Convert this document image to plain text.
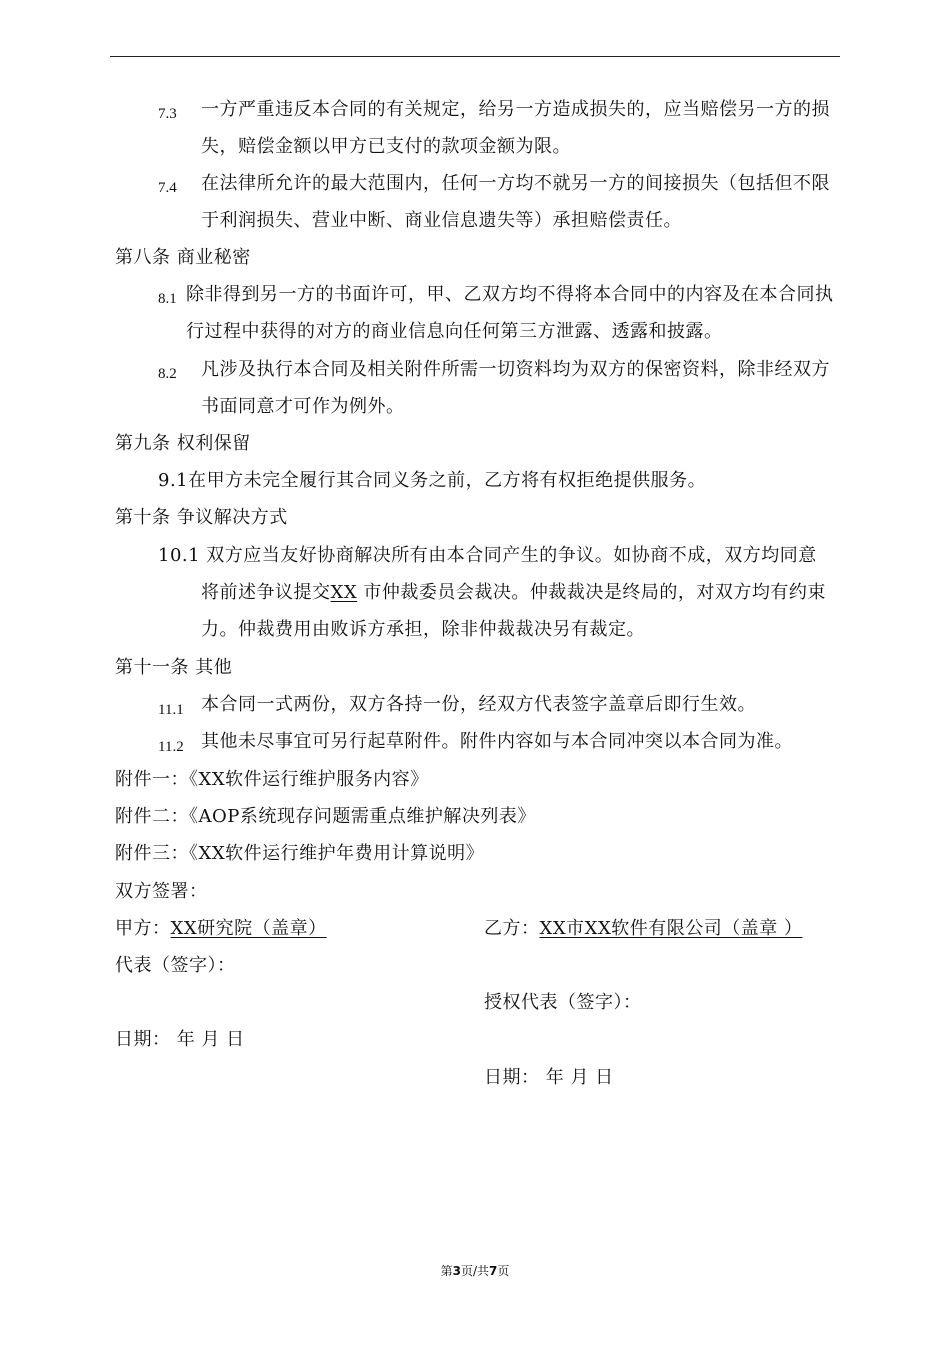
7.3 一方严重违反本合同的有关规定，给另一方造成损失的，应当赔偿另一方的损
失，赔偿金额以甲方已支付的款项金额为限。
7.4 在法律所允许的最大范围内，任何一方均不就另一方的间接损失（包括但不限
于利润损失、营业中断、商业信息遗失等）承担赔偿责任。
第八条 商业秘密
8.1 除非得到另一方的书面许可，甲、乙双方均不得将本合同中的内容及在本合同执
行过程中获得的对方的商业信息向任何第三方泄露、透露和披露。
8.2 凡涉及执行本合同及相关附件所需一切资料均为双方的保密资料，除非经双方
书面同意才可作为例外。
第九条 权利保留
9.1在甲方未完全履行其合同义务之前，乙方将有权拒绝提供服务。
第十条 争议解决方式
10.1 双方应当友好协商解决所有由本合同产生的争议。如协商不成，双方均同意
将前述争议提交XX 市仲裁委员会裁决。仲裁裁决是终局的，对双方均有约束
力。仲裁费用由败诉方承担，除非仲裁裁决另有裁定。
第十一条 其他
11.1 本合同一式两份，双方各持一份，经双方代表签字盖章后即行生效。
11.2 其他未尽事宜可另行起草附件。附件内容如与本合同冲突以本合同为准。
附件一：《XX软件运行维护服务内容》
附件二：《AOP系统现存问题需重点维护解决列表》
附件三：《XX软件运行维护年费用计算说明》
双方签署：
甲方：XX研究院（盖章）	乙方：XX市XX软件有限公司（盖章 ）
代表（签字）：
授权代表（签字）：
日期： 年 月 日
日期： 年 月 日
第3页/共7页
